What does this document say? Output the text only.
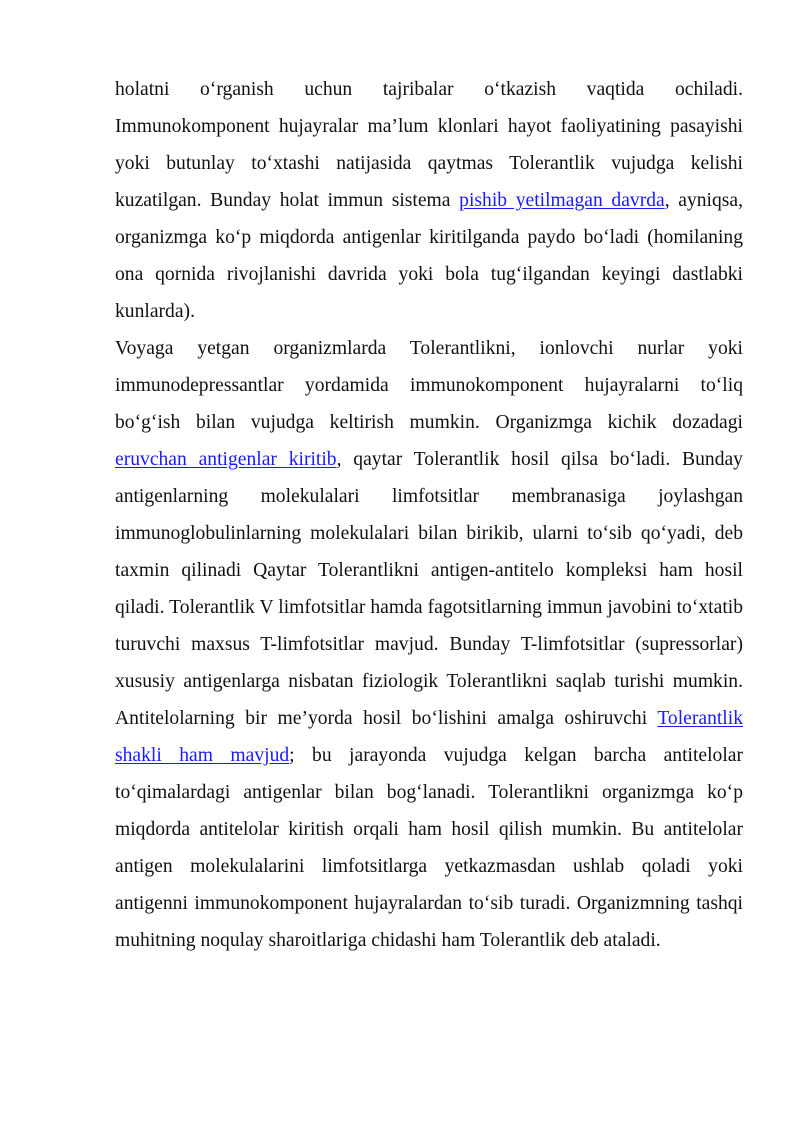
holatni o‘rganish uchun tajribalar o‘tkazish vaqtida ochiladi. Immunokomponent hujayralar ma’lum klonlari hayot faoliyatining pasayishi yoki butunlay to‘xtashi natijasida qaytmas Tolerantlik vujudga kelishi kuzatilgan. Bunday holat immun sistema pishib yetilmagan davrda, ayniqsa, organizmga ko‘p miqdorda antigenlar kiritilganda paydo bo‘ladi (homilaning ona qornida rivojlanishi davrida yoki bola tug‘ilgandan keyingi dastlabki kunlarda).

Voyaga yetgan organizmlarda Tolerantlikni, ionlovchi nurlar yoki immunodepressantlar yordamida immunokomponent hujayralarni to‘liq bo‘g‘ish bilan vujudga keltirish mumkin. Organizmga kichik dozadagi eruvchan antigenlar kiritib, qaytar Tolerantlik hosil qilsa bo‘ladi. Bunday antigenlarning molekulalari limfotsitlar membranasiga joylashgan immunoglobulinlarning molekulalari bilan birikib, ularni to‘sib qo‘yadi, deb taxmin qilinadi Qaytar Tolerantlikni antigen-antitelo kompleksi ham hosil qiladi. Tolerantlik V limfotsitlar hamda fagotsitlarning immun javobini to‘xtatib turuvchi maxsus T-limfotsitlar mavjud. Bunday T-limfotsitlar (supressorlar) xususiy antigenlarga nisbatan fiziologik Tolerantlikni saqlab turishi mumkin. Antitelolarning bir me’yorda hosil bo‘lishini amalga oshiruvchi Tolerantlik shakli ham mavjud; bu jarayonda vujudga kelgan barcha antitelolar to‘qimalardagi antigenlar bilan bog‘lanadi. Tolerantlikni organizmga ko‘p miqdorda antitelolar kiritish orqali ham hosil qilish mumkin. Bu antitelolar antigen molekulalarini limfotsitlarga yetkazmasdan ushlab qoladi yoki antigenni immunokomponent hujayralardan to‘sib turadi. Organizmning tashqi muhitning noqulay sharoitlariga chidashi ham Tolerantlik deb ataladi.
